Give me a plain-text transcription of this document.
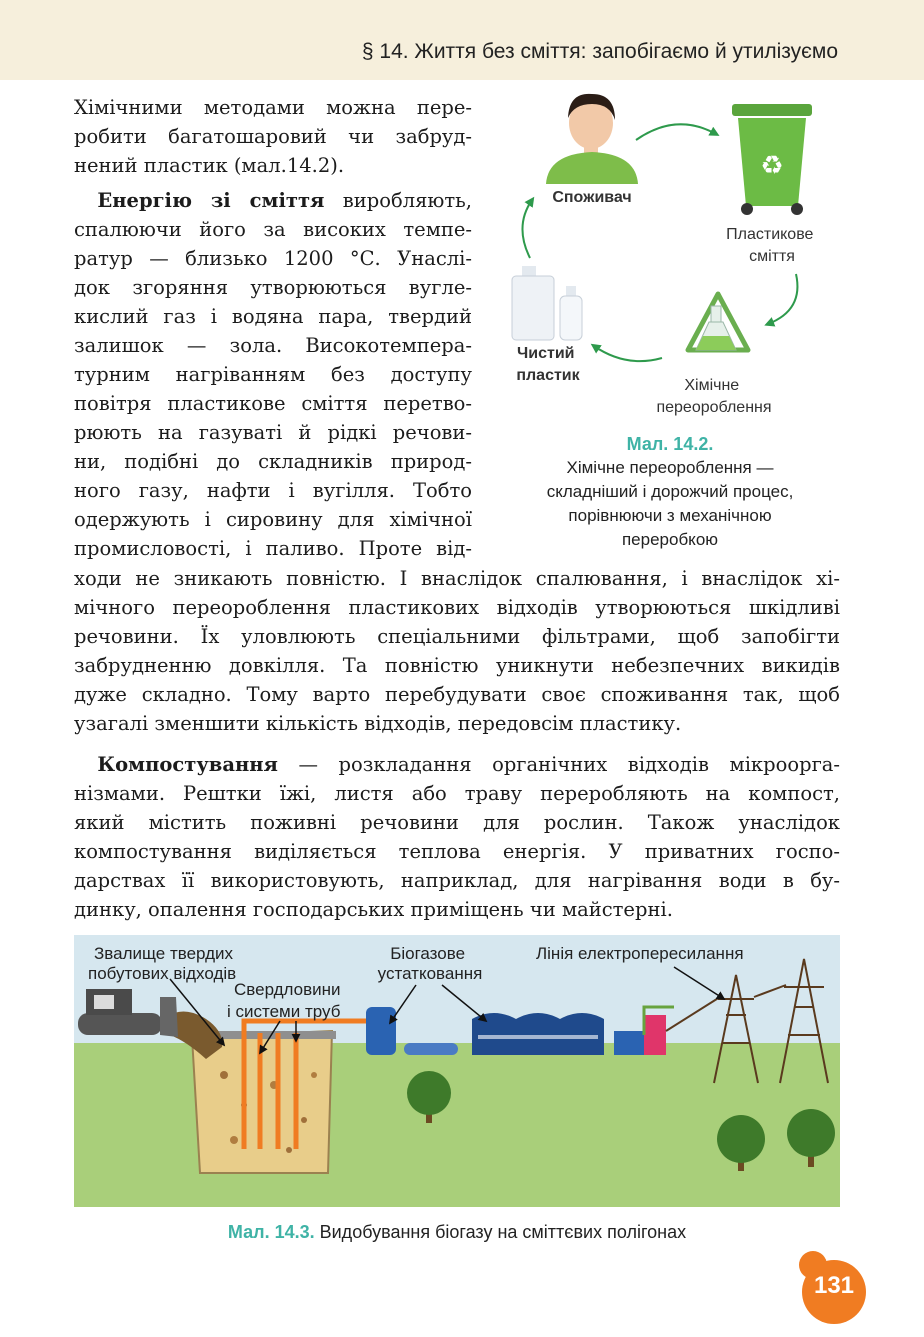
§ 14. Життя без сміття: запобігаємо й утилізуємо

Хімічними методами можна пере-
робити багатошаровий чи забруд-
нений пластик (мал.14.2).

  Енергію зі сміття виробляють,
спалюючи його за високих темпе-
ратур — близько 1200 °С. Унаслі-
док згоряння утворюються вугле-
кислий газ і водяна пара, твердий
залишок — зола. Високотемпера-
турним нагріванням без доступу
повітря пластикове сміття перетво-
рюють на газуваті й рідкі речови-
ни, подібні до складників природ-
ного газу, нафти і вугілля. Тобто
одержують і сировину для хімічної
промисловості, і паливо. Проте від-

ходи не зникають повністю. І внаслідок спалювання, і внаслідок хі-
мічного переороблення пластикових відходів утворюються шкідливі
речовини. Їх уловлюють спеціальними фільтрами, щоб запобігти
забрудненню довкілля. Та повністю уникнути небезпечних викидів
дуже складно. Тому варто перебудувати своє споживання так, щоб
узагалі зменшити кількість відходів, передовсім пластику.

  Компостування — розкладання органічних відходів мікроорга-
нізмами. Рештки їжі, листя або траву переробляють на компост,
який містить поживні речовини для рослин. Також унаслідок
компостування виділяється теплова енергія. У приватних госпо-
дарствах її використовують, наприклад, для нагрівання води в бу-
динку, опалення господарських приміщень чи майстерні.

Споживач
♻
Пластикове сміття
Хімічне переороблення
Чистий пластик
Мал. 14.2.
Хімічне переороблення —
складніший і дорожчий процес,
порівнюючи з механічною
переробкою
Звалище твердих побутових відходів
Свердловини і системи труб
Біогазове устатковання
Лінія електропересилання
Мал. 14.3. Видобування біогазу на сміттєвих полігонах
131
